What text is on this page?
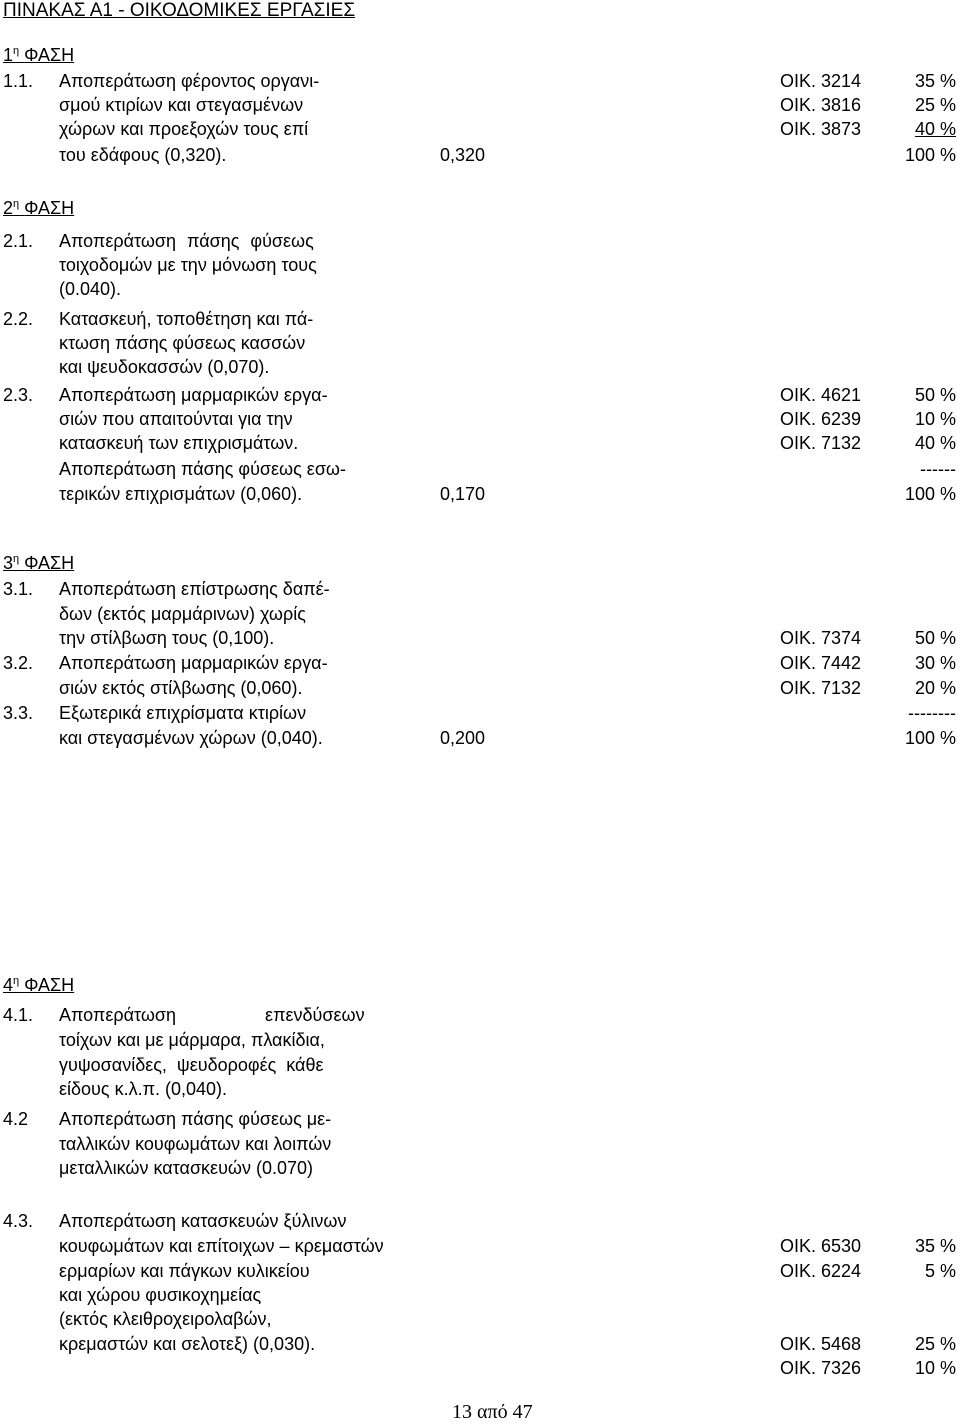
ΠΙΝΑΚΑΣ Α1 - ΟΙΚΟΔΟΜΙΚΕΣ ΕΡΓΑΣΙΕΣ
$1^\eta$ ΦΑΣΗ
1.1. Αποπεράτωση φέροντος οργανι-
σμού κτιρίων και στεγασμένων
χώρων και προεξοχών τους επί
του εδάφους (0,320).
ΟΙΚ. 3214
ΟΙΚ. 3816
ΟΙΚ. 3873
35 %
25 %
40 %
100 %
0,320
$2^\eta$ ΦΑΣΗ
2.1. Αποπεράτωση πάσης φύσεως
τοιχοδομών με την μόνωση τους
(0.040).
2.2. Κατασκευή, τοποθέτηση και πά-
κτωση πάσης φύσεως κασσών
και ψευδοκασσών (0,070).
2.3. Αποπεράτωση μαρμαρικών εργα-
σιών που απαιτούνται για την
κατασκευή των επιχρισμάτων.
Αποπεράτωση πάσης φύσεως εσω-
τερικών επιχρισμάτων (0,060).
ΟΙΚ. 4621
ΟΙΚ. 6239
ΟΙΚ. 7132
50 %
10 %
40 %
------
100 %
0,170
$3^\eta$ ΦΑΣΗ
3.1. Αποπεράτωση επίστρωσης δαπέ-
δων (εκτός μαρμάρινων) χωρίς
την στίλβωση τους (0,100).
3.2. Αποπεράτωση μαρμαρικών εργα-
σιών εκτός στίλβωσης (0,060).
3.3. Εξωτερικά επιχρίσματα κτιρίων
και στεγασμένων χώρων (0,040).
ΟΙΚ. 7374
ΟΙΚ. 7442
ΟΙΚ. 7132
50 %
30 %
20 %
--------
100 %
0,200
$4^\eta$ ΦΑΣΗ
4.1. Αποπεράτωση επενδύσεων
τοίχων και με μάρμαρα, πλακίδια,
γυψοσανίδες, ψευδοροφές κάθε
είδους κ.λ.π. (0,040).
4.2 Αποπεράτωση πάσης φύσεως με-
ταλλικών κουφωμάτων και λοιπών
μεταλλικών κατασκευών (0.070)
4.3. Αποπεράτωση κατασκευών ξύλινων
κουφωμάτων και επίτοιχων – κρεμαστών
ερμαρίων και πάγκων κυλικείου
και χώρου φυσικοχημείας
(εκτός κλειθροχειρολαβών,
κρεμαστών και σελοτεξ) (0,030).
ΟΙΚ. 6530
ΟΙΚ. 6224
ΟΙΚ. 5468
ΟΙΚ. 7326
35 %
5 %
25 %
10 %
13 από 47
